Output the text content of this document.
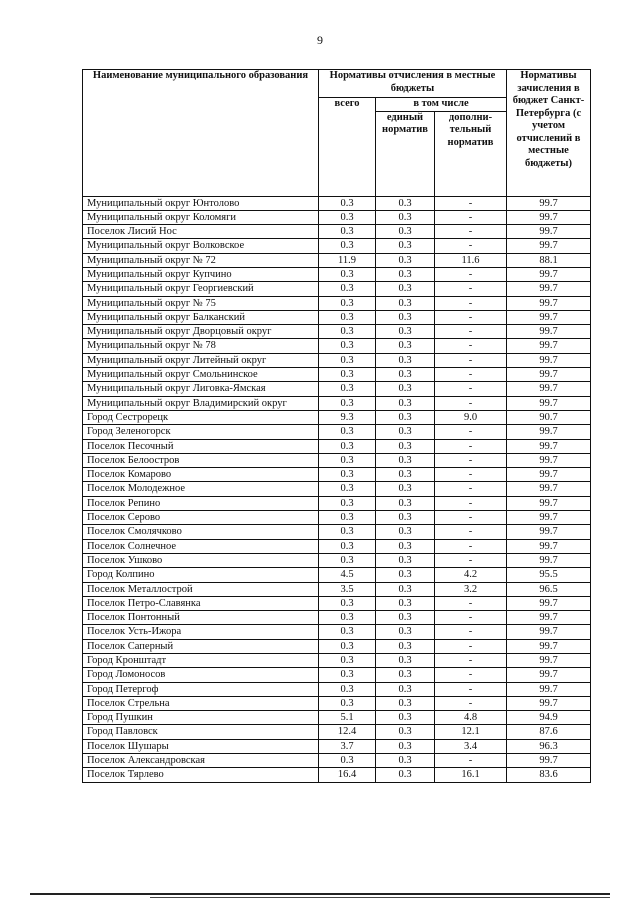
9
Наименование муниципального образования	Нормативы отчисления в местные бюджеты			Нормативы зачисления в бюджет Санкт-Петербурга (с учетом отчислений в местные бюджеты)
	всего	в том числе		
		единый норматив	дополни-тельный норматив	
Муниципальный округ Юнтолово	0.3	0.3	-	99.7
Муниципальный округ Коломяги	0.3	0.3	-	99.7
Поселок Лисий Нос	0.3	0.3	-	99.7
Муниципальный округ Волковское	0.3	0.3	-	99.7
Муниципальный округ № 72	11.9	0.3	11.6	88.1
Муниципальный округ Купчино	0.3	0.3	-	99.7
Муниципальный округ Георгиевский	0.3	0.3	-	99.7
Муниципальный округ № 75	0.3	0.3	-	99.7
Муниципальный округ Балканский	0.3	0.3	-	99.7
Муниципальный округ Дворцовый округ	0.3	0.3	-	99.7
Муниципальный округ № 78	0.3	0.3	-	99.7
Муниципальный округ Литейный округ	0.3	0.3	-	99.7
Муниципальный округ Смольнинское	0.3	0.3	-	99.7
Муниципальный округ Лиговка-Ямская	0.3	0.3	-	99.7
Муниципальный округ Владимирский округ	0.3	0.3	-	99.7
Город Сестрорецк	9.3	0.3	9.0	90.7
Город Зеленогорск	0.3	0.3	-	99.7
Поселок Песочный	0.3	0.3	-	99.7
Поселок Белоостров	0.3	0.3	-	99.7
Поселок Комарово	0.3	0.3	-	99.7
Поселок Молодежное	0.3	0.3	-	99.7
Поселок Репино	0.3	0.3	-	99.7
Поселок Серово	0.3	0.3	-	99.7
Поселок Смолячково	0.3	0.3	-	99.7
Поселок Солнечное	0.3	0.3	-	99.7
Поселок Ушково	0.3	0.3	-	99.7
Город Колпино	4.5	0.3	4.2	95.5
Поселок Металлострой	3.5	0.3	3.2	96.5
Поселок Петро-Славянка	0.3	0.3	-	99.7
Поселок Понтонный	0.3	0.3	-	99.7
Поселок Усть-Ижора	0.3	0.3	-	99.7
Поселок Саперный	0.3	0.3	-	99.7
Город Кронштадт	0.3	0.3	-	99.7
Город Ломоносов	0.3	0.3	-	99.7
Город Петергоф	0.3	0.3	-	99.7
Поселок Стрельна	0.3	0.3	-	99.7
Город Пушкин	5.1	0.3	4.8	94.9
Город Павловск	12.4	0.3	12.1	87.6
Поселок Шушары	3.7	0.3	3.4	96.3
Поселок Александровская	0.3	0.3	-	99.7
Поселок Тярлево	16.4	0.3	16.1	83.6
